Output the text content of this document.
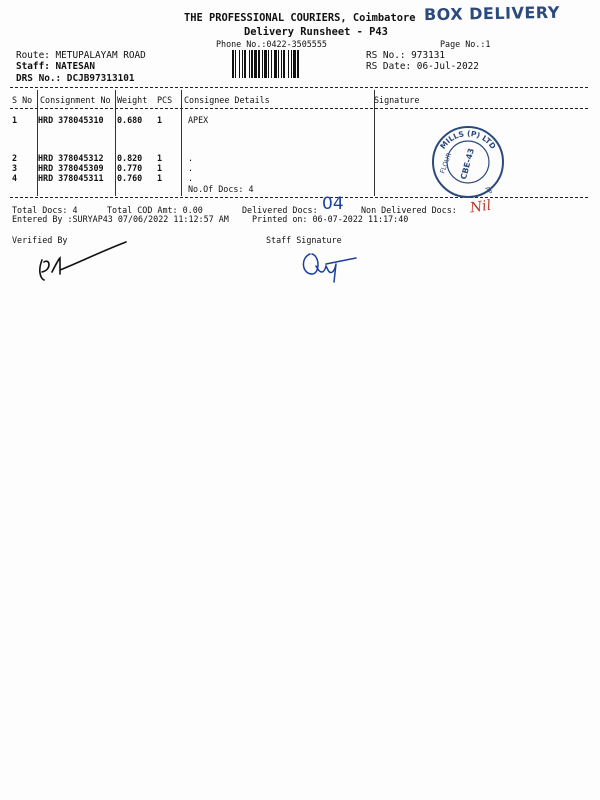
THE PROFESSIONAL COURIERS, Coimbatore
Delivery Runsheet - P43
Phone No.:0422-3505555	Page No.:1
BOX DELIVERY
Route: METUPALAYAM ROAD
Staff: NATESAN
DRS No.: DCJB97313101
RS No.: 973131
RS Date: 06-Jul-2022
S No Consignment No Weight PCS Consignee Details	Signature
1 HRD 378045310 0.680 1	APEX
2 HRD 378045312 0.820 1	.
3 HRD 378045309 0.770 1	.
4 HRD 378045311 0.760 1	.
No.Of Docs: 4
MILLS (P) LTD
FLOUR CBE-43
AP
Total Docs: 4	Total COD Amt: 0.00	Delivered Docs: 04 Non Delivered Docs: Nil
Entered By :SURYAP43 07/06/2022 11:12:57 AM	Printed on: 06-07-2022 11:17:40
Verified By	Staff Signature
